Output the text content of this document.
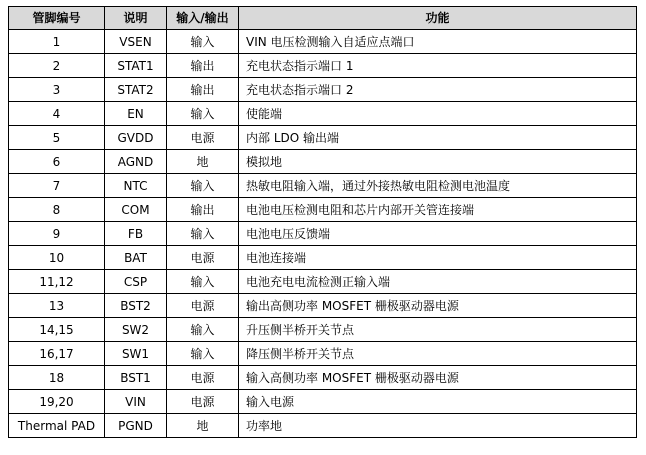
管脚编号	说明	输入/输出	功能
1	VSEN	输入	VIN 电压检测输入自适应点端口
2	STAT1	输出	充电状态指示端口 1
3	STAT2	输出	充电状态指示端口 2
4	EN	输入	使能端
5	GVDD	电源	内部 LDO 输出端
6	AGND	地	模拟地
7	NTC	输入	热敏电阻输入端，通过外接热敏电阻检测电池温度
8	COM	输出	电池电压检测电阻和芯片内部开关管连接端
9	FB	输入	电池电压反馈端
10	BAT	电源	电池连接端
11,12	CSP	输入	电池充电电流检测正输入端
13	BST2	电源	输出高侧功率 MOSFET 栅极驱动器电源
14,15	SW2	输入	升压侧半桥开关节点
16,17	SW1	输入	降压侧半桥开关节点
18	BST1	电源	输入高侧功率 MOSFET 栅极驱动器电源
19,20	VIN	电源	输入电源
Thermal PAD	PGND	地	功率地
